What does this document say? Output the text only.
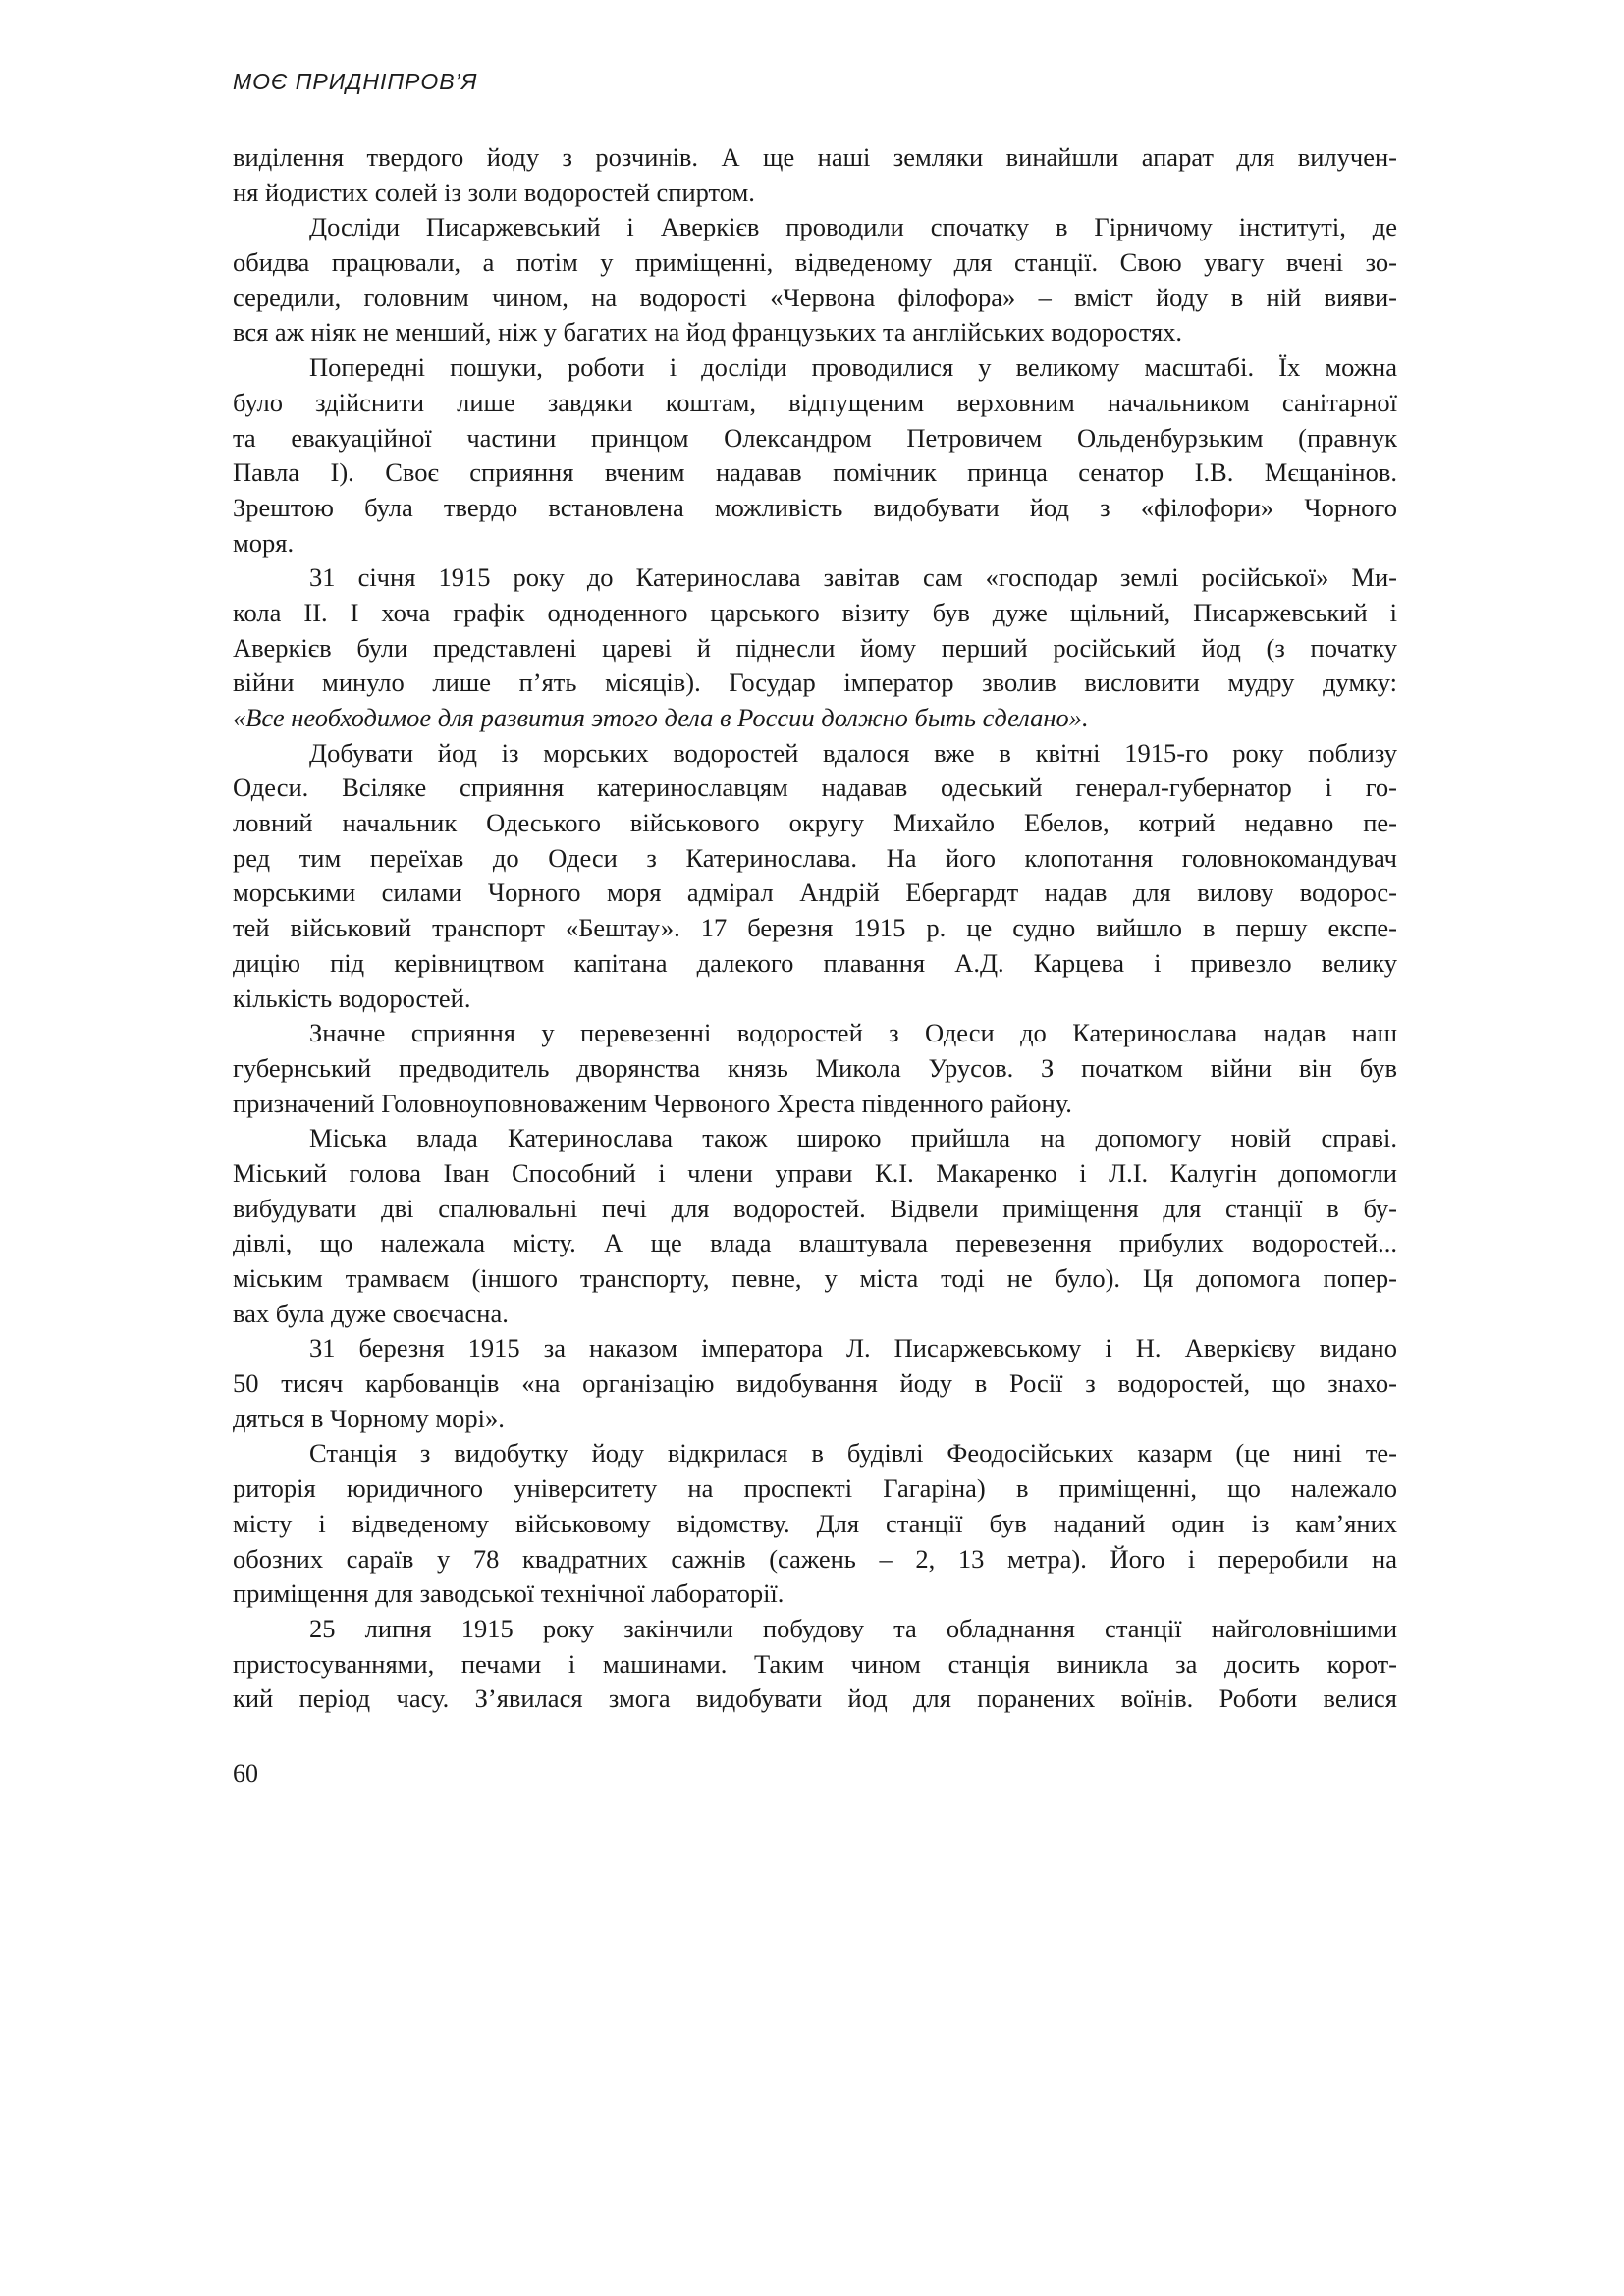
МОЄ ПРИДНІПРОВ’Я
виділення твердого йоду з розчинів. А ще наші земляки винайшли апарат для вилучен-
ня йодистих солей із золи водоростей спиртом.
Досліди Писаржевський і Аверкієв проводили спочатку в Гірничому інституті, де
обидва працювали, а потім у приміщенні, відведеному для станції. Свою увагу вчені зо-
середили, головним чином, на водорості «Червона філофора» – вміст йоду в ній вияви-
вся аж ніяк не менший, ніж у багатих на йод французьких та англійських водоростях.
Попередні пошуки, роботи і досліди проводилися у великому масштабі. Їх можна
було здійснити лише завдяки коштам, відпущеним верховним начальником санітарної
та евакуаційної частини принцом Олександром Петровичем Ольденбурзьким (правнук
Павла I). Своє сприяння вченим надавав помічник принца сенатор І.В. Мєщанінов.
Зрештою була твердо встановлена можливість видобувати йод з «філофори» Чорного
моря.
31 січня 1915 року до Катеринослава завітав сам «господар землі російської» Ми-
кола II. І хоча графік одноденного царського візиту був дуже щільний, Писаржевський і
Аверкієв були представлені цареві й піднесли йому перший російський йод (з початку
війни минуло лише п’ять місяців). Государ імператор зволив висловити мудру думку:
«Все необходимое для развития этого дела в России должно быть сделано».
Добувати йод із морських водоростей вдалося вже в квітні 1915-го року поблизу
Одеси. Всіляке сприяння катеринославцям надавав одеський генерал-губернатор і го-
ловний начальник Одеського військового округу Михайло Ебелов, котрий недавно пе-
ред тим переїхав до Одеси з Катеринослава. На його клопотання головнокомандувач
морськими силами Чорного моря адмірал Андрій Ебергардт надав для вилову водорос-
тей військовий транспорт «Бештау». 17 березня 1915 р. це судно вийшло в першу експе-
дицію під керівництвом капітана далекого плавання А.Д. Карцева і привезло велику
кількість водоростей.
Значне сприяння у перевезенні водоростей з Одеси до Катеринослава надав наш
губернський предводитель дворянства князь Микола Урусов. З початком війни він був
призначений Головноуповноваженим Червоного Хреста південного району.
Міська влада Катеринослава також широко прийшла на допомогу новій справі.
Міський голова Іван Способний і члени управи К.І. Макаренко і Л.І. Калугін допомогли
вибудувати дві спалювальні печі для водоростей. Відвели приміщення для станції в бу-
дівлі, що належала місту. А ще влада влаштувала перевезення прибулих водоростей...
міським трамваєм (іншого транспорту, певне, у міста тоді не було). Ця допомога попер-
вах була дуже своєчасна.
31 березня 1915 за наказом імператора Л. Писаржевському і Н. Аверкієву видано
50 тисяч карбованців «на організацію видобування йоду в Росії з водоростей, що знахо-
дяться в Чорному морі».
Станція з видобутку йоду відкрилася в будівлі Феодосійських казарм (це нині те-
риторія юридичного університету на проспекті Гагаріна) в приміщенні, що належало
місту і відведеному військовому відомству. Для станції був наданий один із кам’яних
обозних сараїв у 78 квадратних сажнів (сажень – 2, 13 метра). Його і переробили на
приміщення для заводської технічної лабораторії.
25 липня 1915 року закінчили побудову та обладнання станції найголовнішими
пристосуваннями, печами і машинами. Таким чином станція виникла за досить корот-
кий період часу. З’явилася змога видобувати йод для поранених воїнів. Роботи велися
60
